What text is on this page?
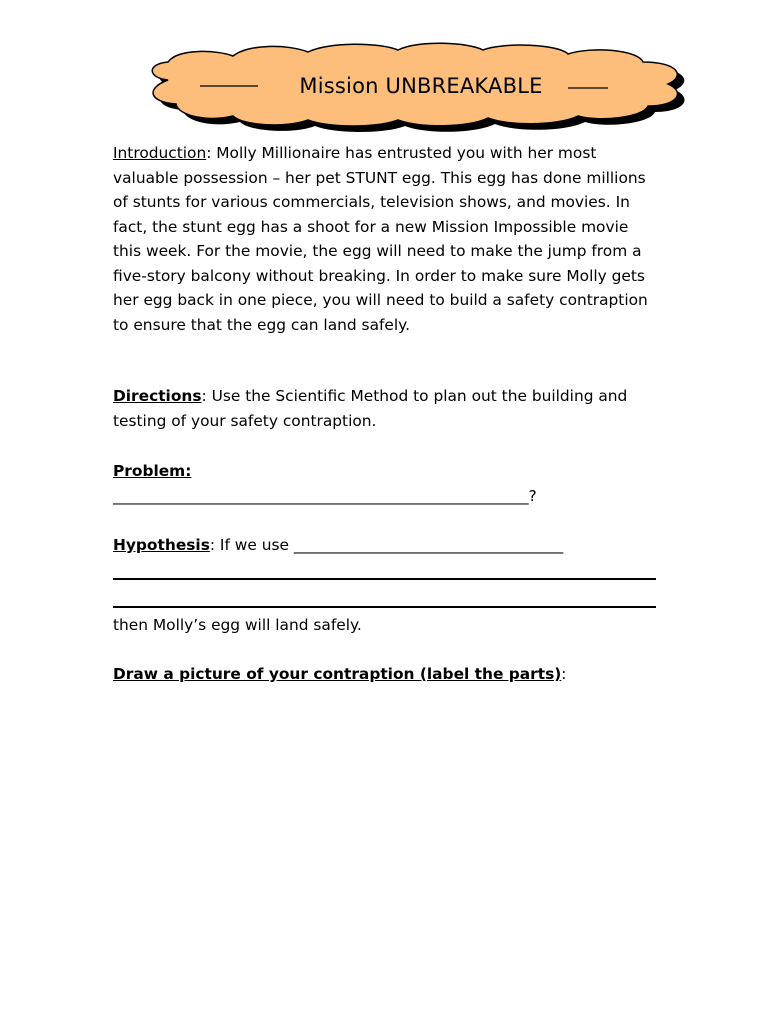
Mission UNBREAKABLE
Introduction: Molly Millionaire has entrusted you with her most valuable possession – her pet STUNT egg. This egg has done millions of stunts for various commercials, television shows, and movies. In fact, the stunt egg has a shoot for a new Mission Impossible movie this week. For the movie, the egg will need to make the jump from a five-story balcony without breaking. In order to make sure Molly gets her egg back in one piece, you will need to build a safety contraption to ensure that the egg can land safely.
Directions: Use the Scientific Method to plan out the building and testing of your safety contraption.
Problem:
______________________________________________________?
Hypothesis: If we use ___________________________________
then Molly’s egg will land safely.
Draw a picture of your contraption (label the parts):
